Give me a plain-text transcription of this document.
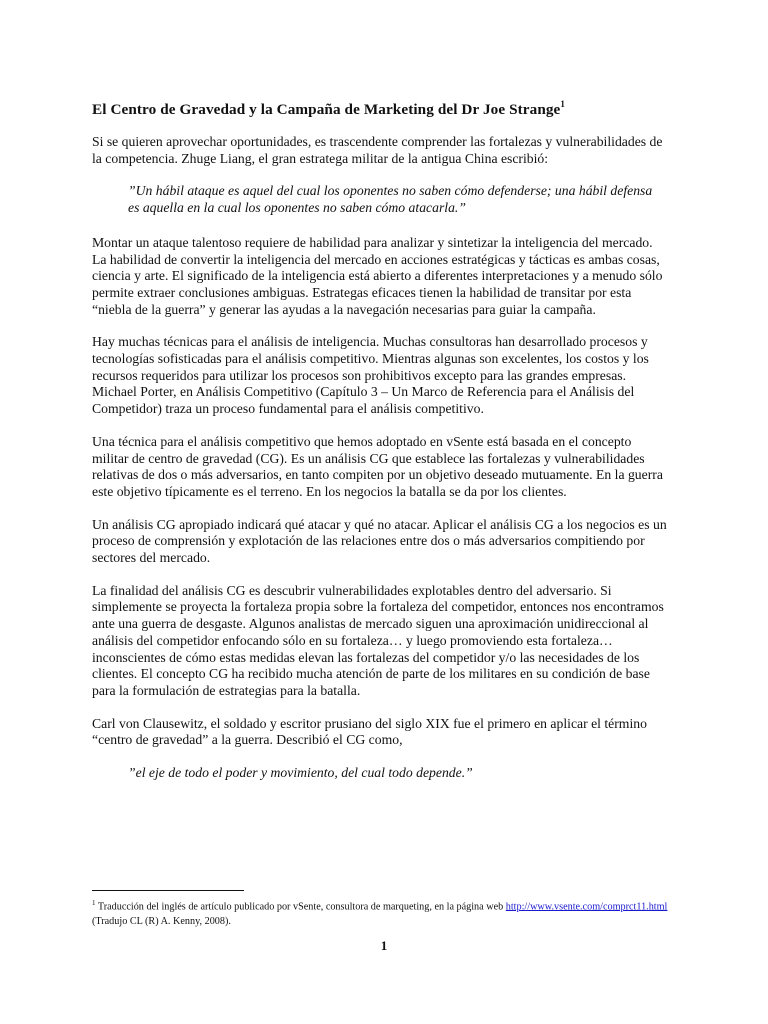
El Centro de Gravedad y la Campaña de Marketing del Dr Joe Strange$^1$

Si se quieren aprovechar oportunidades, es trascendente comprender las fortalezas y vulnerabilidades de la competencia. Zhuge Liang, el gran estratega militar de la antigua China escribió:

”Un hábil ataque es aquel del cual los oponentes no saben cómo defenderse; una hábil defensa es aquella en la cual los oponentes no saben cómo atacarla.”

Montar un ataque talentoso requiere de habilidad para analizar y sintetizar la inteligencia del mercado. La habilidad de convertir la inteligencia del mercado en acciones estratégicas y tácticas es ambas cosas, ciencia y arte. El significado de la inteligencia está abierto a diferentes interpretaciones y a menudo sólo permite extraer conclusiones ambiguas. Estrategas eficaces tienen la habilidad de transitar por esta “niebla de la guerra” y generar las ayudas a la navegación necesarias para guiar la campaña.

Hay muchas técnicas para el análisis de inteligencia. Muchas consultoras han desarrollado procesos y tecnologías sofisticadas para el análisis competitivo. Mientras algunas son excelentes, los costos y los recursos requeridos para utilizar los procesos son prohibitivos excepto para las grandes empresas. Michael Porter, en Análisis Competitivo (Capítulo 3 – Un Marco de Referencia para el Análisis del Competidor) traza un proceso fundamental para el análisis competitivo.

Una técnica para el análisis competitivo que hemos adoptado en vSente está basada en el concepto militar de centro de gravedad (CG). Es un análisis CG que establece las fortalezas y vulnerabilidades relativas de dos o más adversarios, en tanto compiten por un objetivo deseado mutuamente. En la guerra este objetivo típicamente es el terreno. En los negocios la batalla se da por los clientes.

Un análisis CG apropiado indicará qué atacar y qué no atacar. Aplicar el análisis CG a los negocios es un proceso de comprensión y explotación de las relaciones entre dos o más adversarios compitiendo por sectores del mercado.

La finalidad del análisis CG es descubrir vulnerabilidades explotables dentro del adversario. Si simplemente se proyecta la fortaleza propia sobre la fortaleza del competidor, entonces nos encontramos ante una guerra de desgaste. Algunos analistas de mercado siguen una aproximación unidireccional al análisis del competidor enfocando sólo en su fortaleza… y luego promoviendo esta fortaleza… inconscientes de cómo estas medidas elevan las fortalezas del competidor y/o las necesidades de los clientes. El concepto CG ha recibido mucha atención de parte de los militares en su condición de base para la formulación de estrategias para la batalla.

Carl von Clausewitz, el soldado y escritor prusiano del siglo XIX fue el primero en aplicar el término “centro de gravedad” a la guerra. Describió el CG como,

”el eje de todo el poder y movimiento, del cual todo depende.”

$^1$ Traducción del inglés de artículo publicado por vSente, consultora de marqueting, en la página web http://www.vsente.com/comprct11.html (Tradujo CL (R) A. Kenny, 2008).
1
